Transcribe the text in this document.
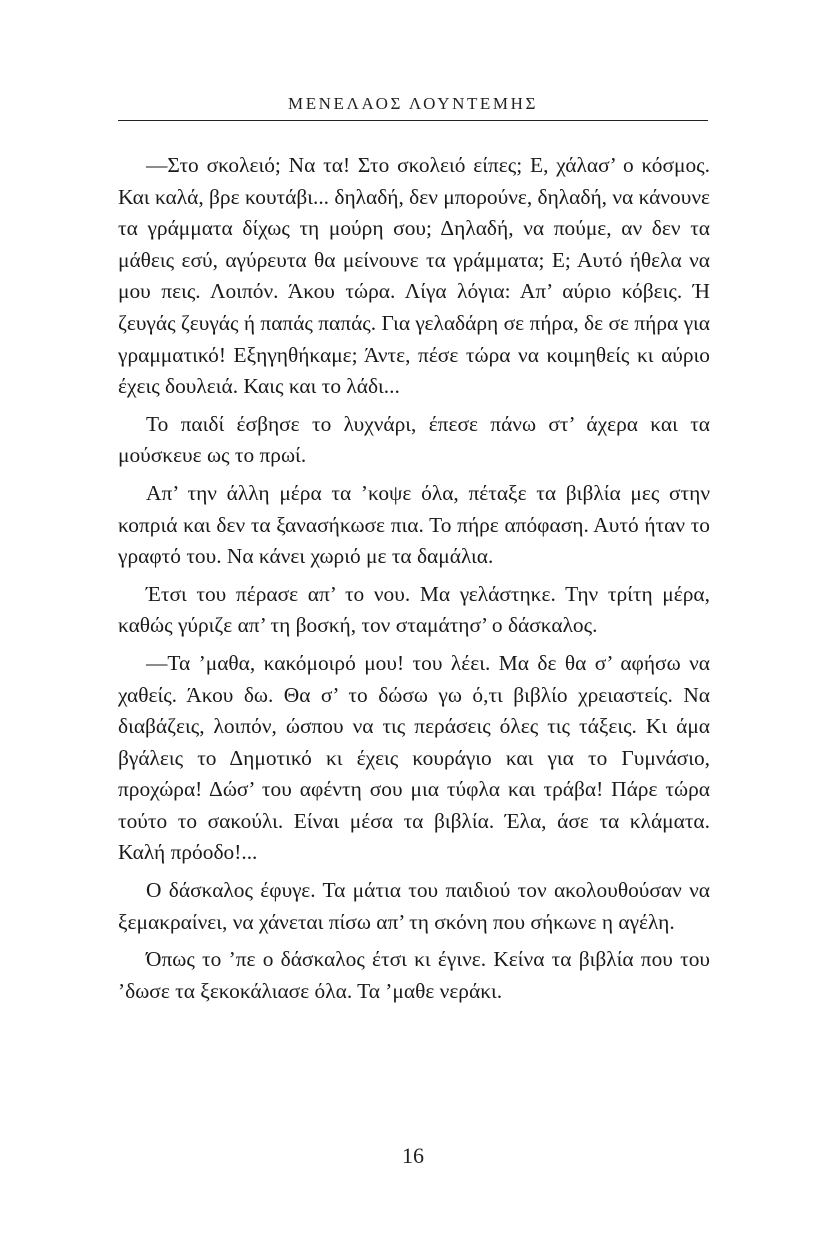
ΜΕΝΕΛΑΟΣ ΛΟΥΝΤΕΜΗΣ

—Στο σκολειό; Να τα! Στο σκολειό είπες; Ε, χάλασ’ ο κόσμος. Και καλά, βρε κουτάβι... δηλαδή, δεν μπορούνε, δηλαδή, να κάνουνε τα γράμματα δίχως τη μούρη σου; Δηλαδή, να πούμε, αν δεν τα μάθεις εσύ, αγύρευτα θα μείνουνε τα γράμματα; Ε; Αυτό ήθελα να μου πεις. Λοιπόν. Άκου τώρα. Λίγα λόγια: Απ’ αύριο κόβεις. Ή ζευγάς ζευγάς ή παπάς παπάς. Για γελαδάρη σε πήρα, δε σε πήρα για γραμματικό! Εξηγηθήκαμε; Άντε, πέσε τώρα να κοιμηθείς κι αύριο έχεις δουλειά. Καις και το λάδι...

Το παιδί έσβησε το λυχνάρι, έπεσε πάνω στ’ άχερα και τα μούσκευε ως το πρωί.

Απ’ την άλλη μέρα τα ’κοψε όλα, πέταξε τα βιβλία μες στην κοπριά και δεν τα ξανασήκωσε πια. Το πήρε απόφαση. Αυτό ήταν το γραφτό του. Να κάνει χωριό με τα δαμάλια.

Έτσι του πέρασε απ’ το νου. Μα γελάστηκε. Την τρίτη μέρα, καθώς γύριζε απ’ τη βοσκή, τον σταμάτησ’ ο δάσκαλος.

—Τα ’μαθα, κακόμοιρό μου! του λέει. Μα δε θα σ’ αφήσω να χαθείς. Άκου δω. Θα σ’ το δώσω γω ό,τι βιβλίο χρειαστείς. Να διαβάζεις, λοιπόν, ώσπου να τις περάσεις όλες τις τάξεις. Κι άμα βγάλεις το Δημοτικό κι έχεις κουράγιο και για το Γυμνάσιο, προχώρα! Δώσ’ του αφέντη σου μια τύφλα και τράβα! Πάρε τώρα τούτο το σακούλι. Είναι μέσα τα βιβλία. Έλα, άσε τα κλάματα. Καλή πρόοδο!...

Ο δάσκαλος έφυγε. Τα μάτια του παιδιού τον ακολουθούσαν να ξεμακραίνει, να χάνεται πίσω απ’ τη σκόνη που σήκωνε η αγέλη.

Όπως το ’πε ο δάσκαλος έτσι κι έγινε. Κείνα τα βιβλία που του ’δωσε τα ξεκοκάλιασε όλα. Τα ’μαθε νεράκι.

16
